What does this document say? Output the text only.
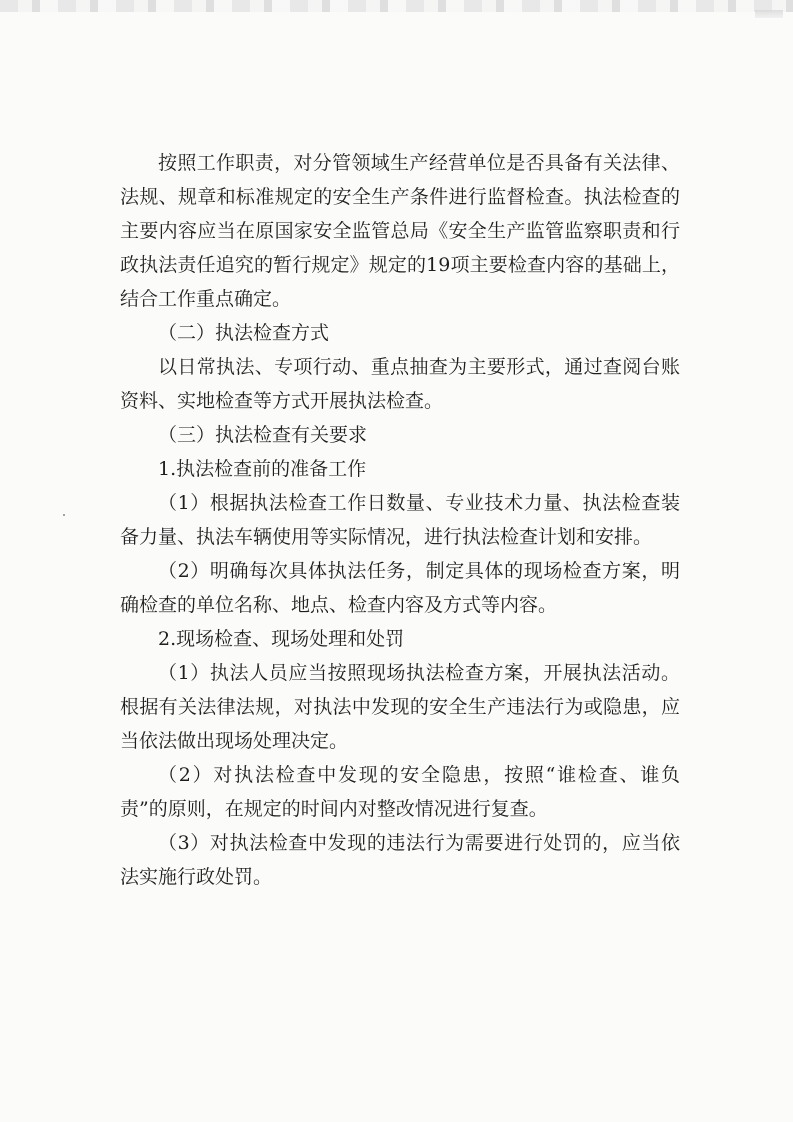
按照工作职责，对分管领域生产经营单位是否具备有关法律、法规、规章和标准规定的安全生产条件进行监督检查。执法检查的主要内容应当在原国家安全监管总局《安全生产监管监察职责和行政执法责任追究的暂行规定》规定的19项主要检查内容的基础上，结合工作重点确定。

（二）执法检查方式

以日常执法、专项行动、重点抽查为主要形式，通过查阅台账资料、实地检查等方式开展执法检查。

（三）执法检查有关要求

1.执法检查前的准备工作

（1）根据执法检查工作日数量、专业技术力量、执法检查装备力量、执法车辆使用等实际情况，进行执法检查计划和安排。

（2）明确每次具体执法任务，制定具体的现场检查方案，明确检查的单位名称、地点、检查内容及方式等内容。

2.现场检查、现场处理和处罚

（1）执法人员应当按照现场执法检查方案，开展执法活动。根据有关法律法规，对执法中发现的安全生产违法行为或隐患，应当依法做出现场处理决定。

（2）对执法检查中发现的安全隐患，按照“谁检查、谁负责”的原则，在规定的时间内对整改情况进行复查。

（3）对执法检查中发现的违法行为需要进行处罚的，应当依法实施行政处罚。
